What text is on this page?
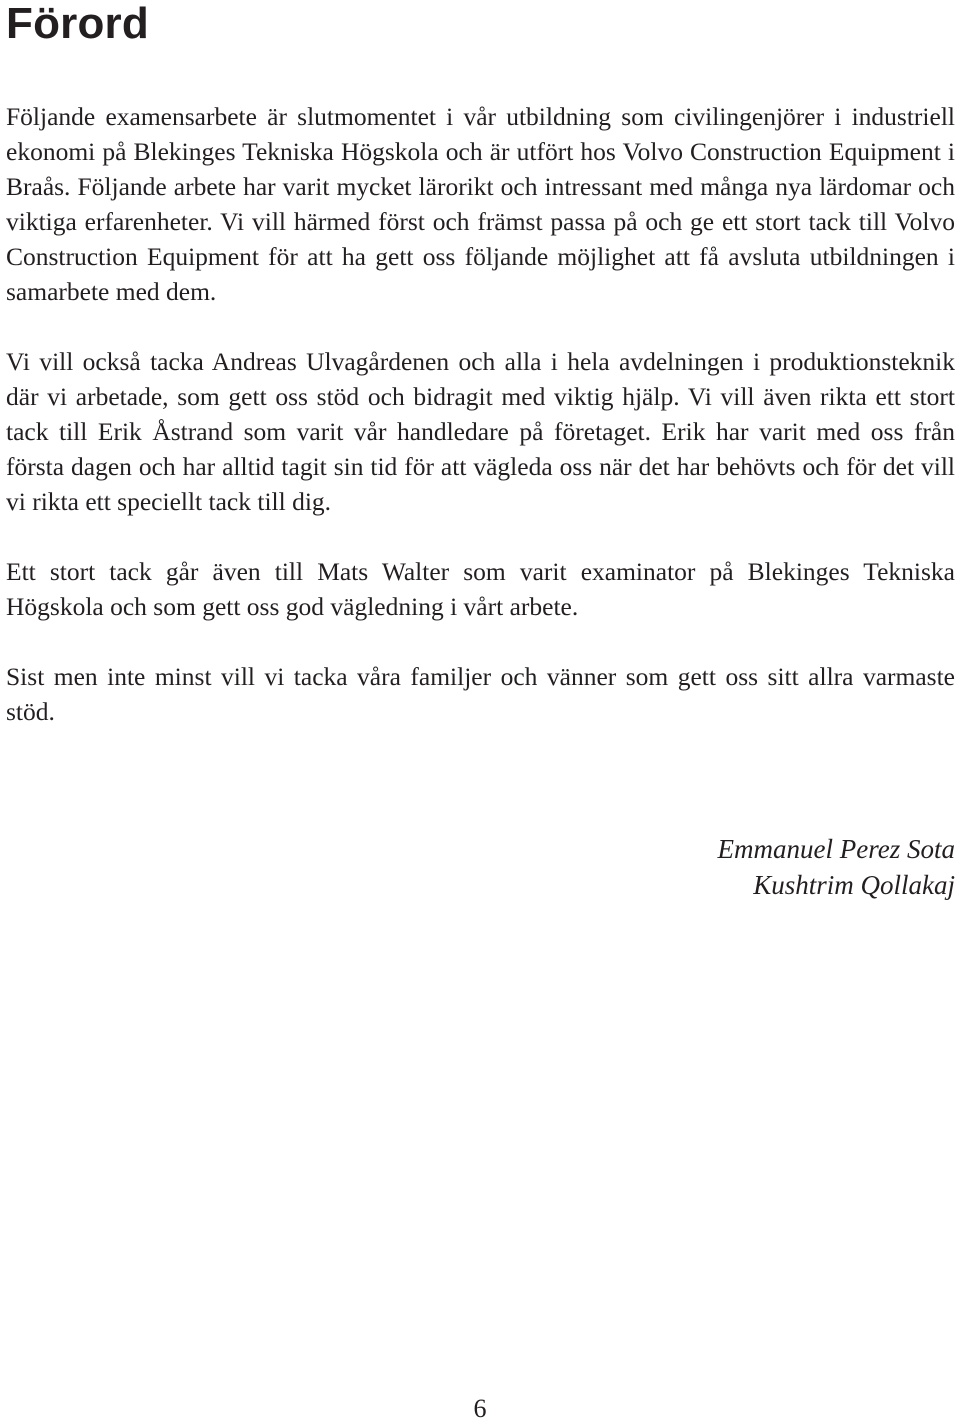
Förord

Följande examensarbete är slutmomentet i vår utbildning som civilingenjörer i industriell ekonomi på Blekinges Tekniska Högskola och är utfört hos Volvo Construction Equipment i Braås. Följande arbete har varit mycket lärorikt och intressant med många nya lärdomar och viktiga erfarenheter. Vi vill härmed först och främst passa på och ge ett stort tack till Volvo Construction Equipment för att ha gett oss följande möjlighet att få avsluta utbildningen i samarbete med dem.

Vi vill också tacka Andreas Ulvagårdenen och alla i hela avdelningen i produktionsteknik där vi arbetade, som gett oss stöd och bidragit med viktig hjälp. Vi vill även rikta ett stort tack till Erik Åstrand som varit vår handledare på företaget. Erik har varit med oss från första dagen och har alltid tagit sin tid för att vägleda oss när det har behövts och för det vill vi rikta ett speciellt tack till dig.

Ett stort tack går även till Mats Walter som varit examinator på Blekinges Tekniska Högskola och som gett oss god vägledning i vårt arbete.

Sist men inte minst vill vi tacka våra familjer och vänner som gett oss sitt allra varmaste stöd.

Emmanuel Perez Sota
Kushtrim Qollakaj
6
